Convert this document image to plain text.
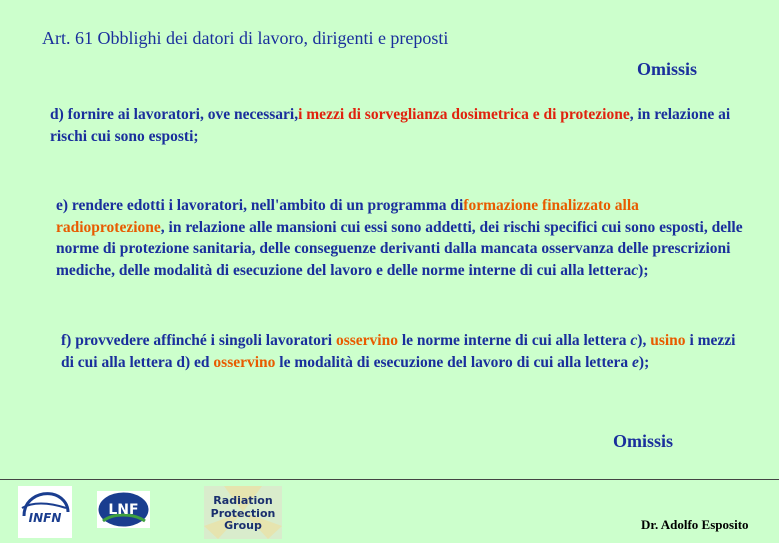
Art. 61 Obblighi dei datori di lavoro, dirigenti e preposti
Omissis
d) fornire ai lavoratori, ove necessari,i mezzi di sorveglianza dosimetrica e di protezione, in relazione ai rischi cui sono esposti;
e) rendere edotti i lavoratori, nell'ambito di un programma diformazione finalizzato alla radioprotezione, in relazione alle mansioni cui essi sono addetti, dei rischi specifici cui sono esposti, delle norme di protezione sanitaria, delle conseguenze derivanti dalla mancata osservanza delle prescrizioni mediche, delle modalità di esecuzione del lavoro e delle norme interne di cui alla letterac);
f) provvedere affinché i singoli lavoratori osservino le norme interne di cui alla lettera c), usino i mezzi di cui alla lettera d) ed osservino le modalità di esecuzione del lavoro di cui alla lettera e);
Omissis
INFN	LNF
Radiation
Protection
Group	Dr. Adolfo Esposito
